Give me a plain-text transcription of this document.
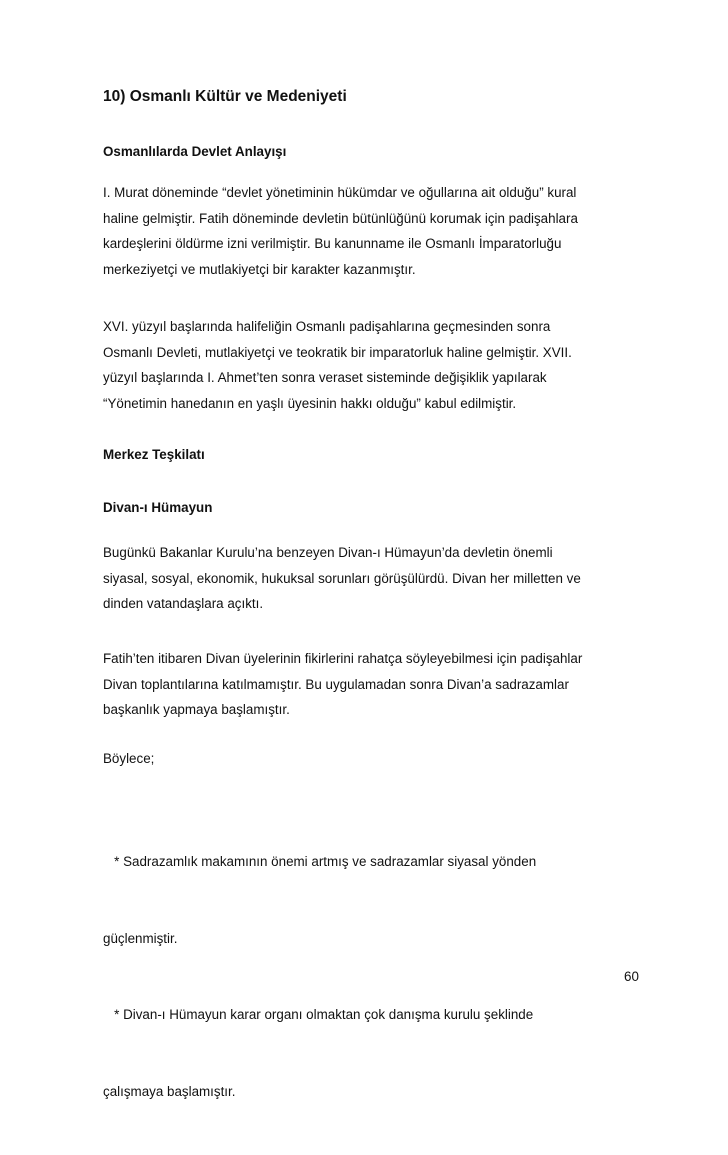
10) Osmanlı Kültür ve Medeniyeti
Osmanlılarda Devlet Anlayışı

I. Murat döneminde “devlet yönetiminin hükümdar ve oğullarına ait olduğu” kural
haline gelmiştir. Fatih döneminde devletin bütünlüğünü korumak için padişahlara
kardeşlerini öldürme izni verilmiştir. Bu kanunname ile Osmanlı İmparatorluğu
merkeziyetçi ve mutlakiyetçi bir karakter kazanmıştır.

XVI. yüzyıl başlarında halifeliğin Osmanlı padişahlarına geçmesinden sonra
Osmanlı Devleti, mutlakiyetçi ve teokratik bir imparatorluk haline gelmiştir. XVII.
yüzyıl başlarında I. Ahmet’ten sonra veraset sisteminde değişiklik yapılarak
“Yönetimin hanedanın en yaşlı üyesinin hakkı olduğu” kabul edilmiştir.

Merkez Teşkilatı
Divan-ı Hümayun

Bugünkü Bakanlar Kurulu’na benzeyen Divan-ı Hümayun’da devletin önemli
siyasal, sosyal, ekonomik, hukuksal sorunları görüşülürdü. Divan her milletten ve
dinden vatandaşlara açıktı.

Fatih’ten itibaren Divan üyelerinin fikirlerini rahatça söyleyebilmesi için padişahlar
Divan toplantılarına katılmamıştır. Bu uygulamadan sonra Divan’a sadrazamlar
başkanlık yapmaya başlamıştır.

Böylece;

* Sadrazamlık makamının önemi artmış ve sadrazamlar siyasal yönden

güçlenmiştir.

* Divan-ı Hümayun karar organı olmaktan çok danışma kurulu şeklinde

çalışmaya başlamıştır.

60
